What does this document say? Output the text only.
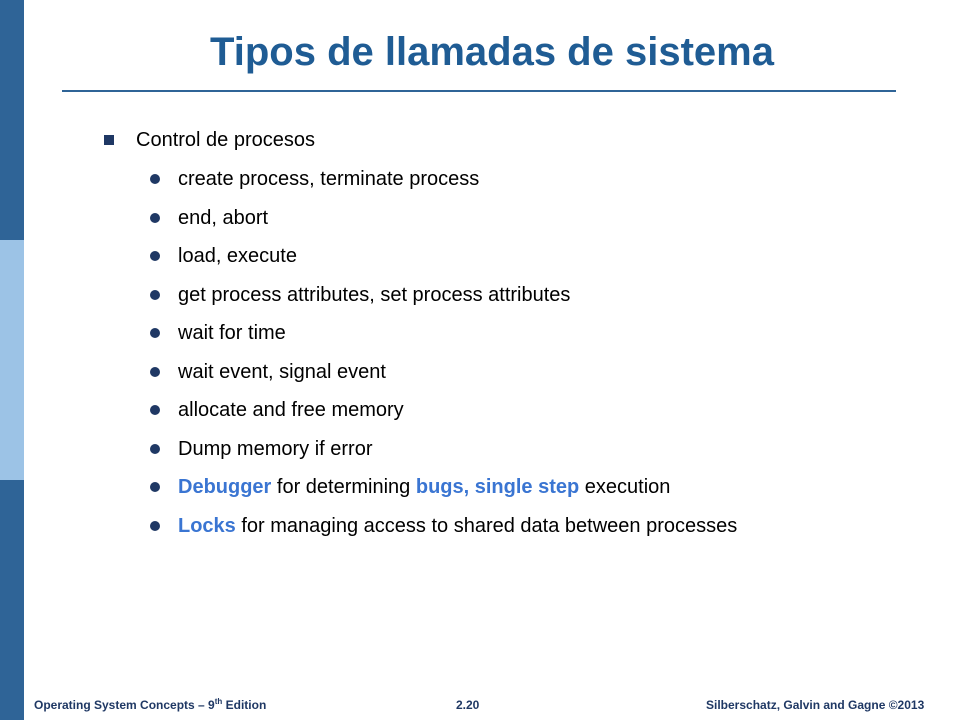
Tipos de llamadas de sistema
Control de procesos
create process, terminate process
end, abort
load, execute
get process attributes, set process attributes
wait for time
wait event, signal event
allocate and free memory
Dump memory if error
Debugger for determining bugs, single step execution
Locks for managing access to shared data between processes
Operating System Concepts – 9th Edition	2.20	Silberschatz, Galvin and Gagne ©2013
